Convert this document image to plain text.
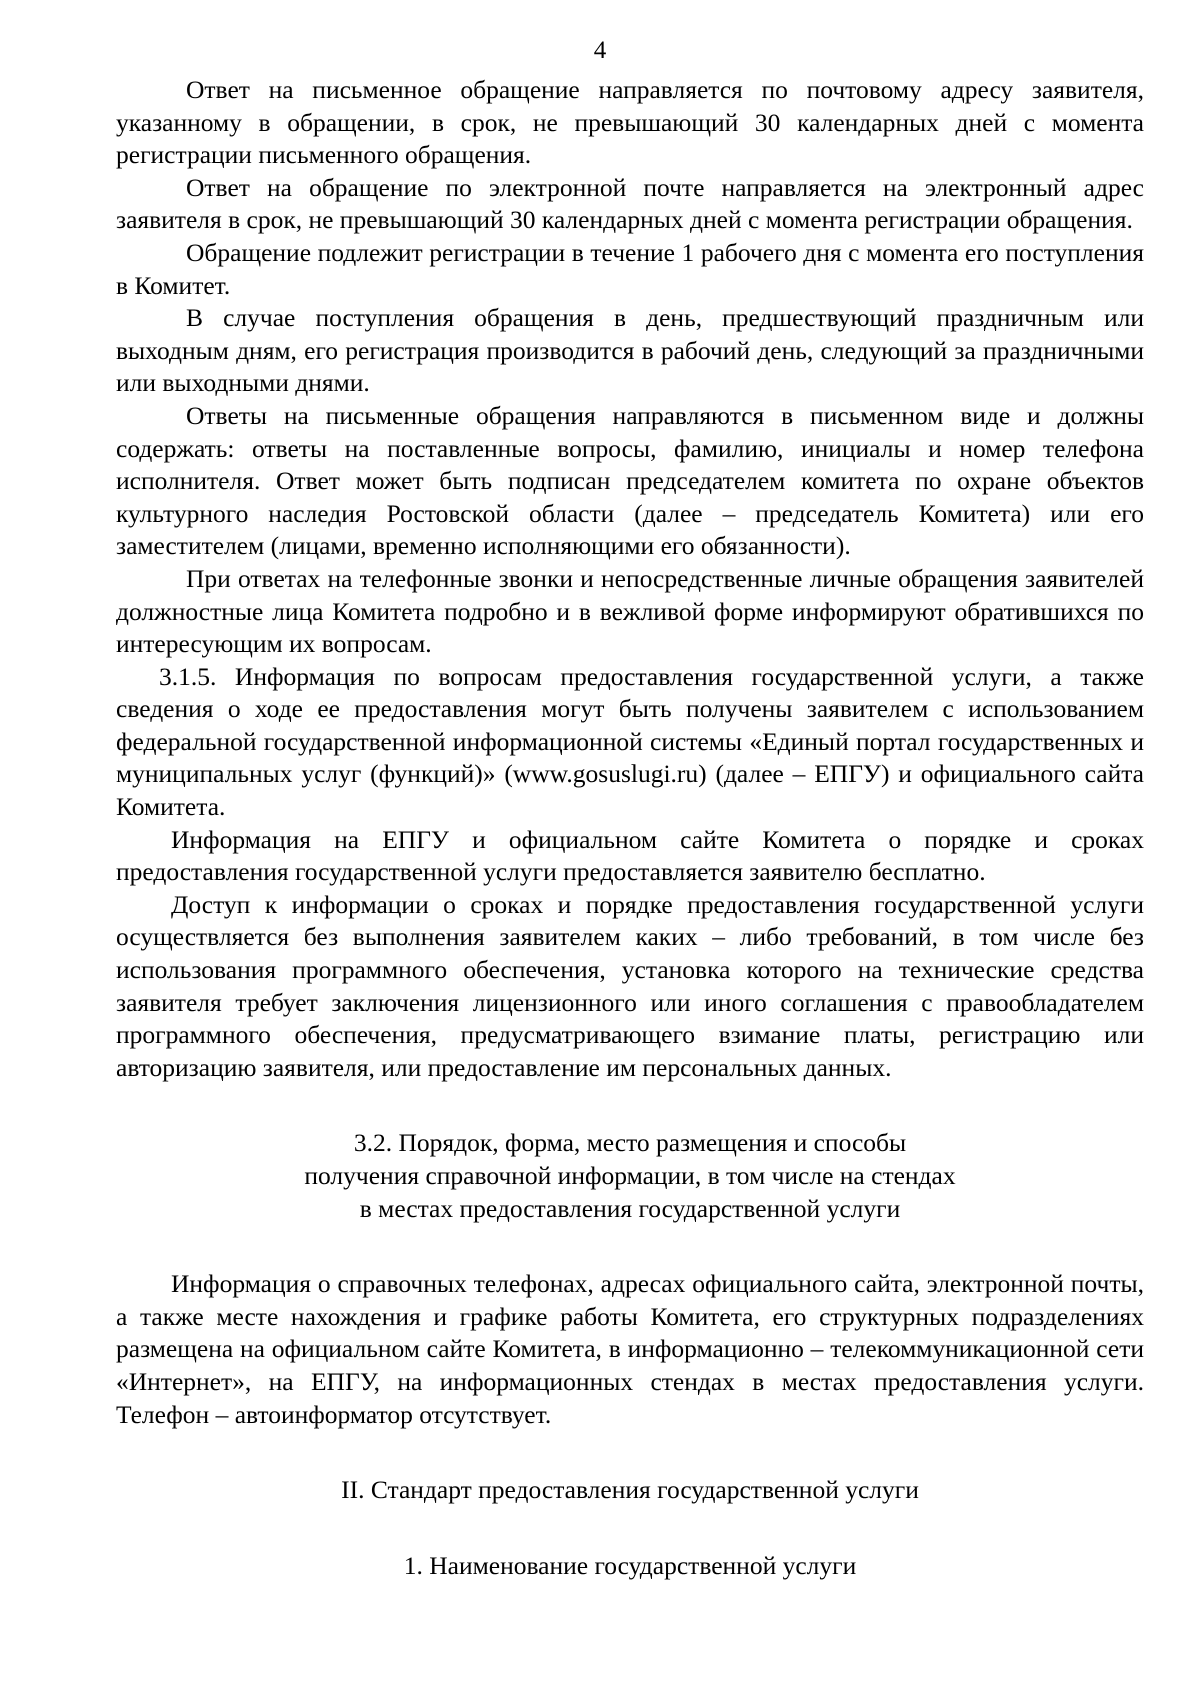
4

Ответ на письменное обращение направляется по почтовому адресу заявителя, указанному в обращении, в срок, не превышающий 30 календарных дней с момента регистрации письменного обращения.

Ответ на обращение по электронной почте направляется на электронный адрес заявителя в срок, не превышающий 30 календарных дней с момента регистрации обращения.

Обращение подлежит регистрации в течение 1 рабочего дня с момента его поступления в Комитет.

В случае поступления обращения в день, предшествующий праздничным или выходным дням, его регистрация производится в рабочий день, следующий за праздничными или выходными днями.

Ответы на письменные обращения направляются в письменном виде и должны содержать: ответы на поставленные вопросы, фамилию, инициалы и номер телефона исполнителя. Ответ может быть подписан председателем комитета по охране объектов культурного наследия Ростовской области (далее – председатель Комитета) или его заместителем (лицами, временно исполняющими его обязанности).

При ответах на телефонные звонки и непосредственные личные обращения заявителей должностные лица Комитета подробно и в вежливой форме информируют обратившихся по интересующим их вопросам.

3.1.5. Информация по вопросам предоставления государственной услуги, а также сведения о ходе ее предоставления могут быть получены заявителем с использованием федеральной государственной информационной системы «Единый портал государственных и муниципальных услуг (функций)» (www.gosuslugi.ru) (далее – ЕПГУ) и официального сайта Комитета.

Информация на ЕПГУ и официальном сайте Комитета о порядке и сроках предоставления государственной услуги предоставляется заявителю бесплатно.

Доступ к информации о сроках и порядке предоставления государственной услуги осуществляется без выполнения заявителем каких – либо требований, в том числе без использования программного обеспечения, установка которого на технические средства заявителя требует заключения лицензионного или иного соглашения с правообладателем программного обеспечения, предусматривающего взимание платы, регистрацию или авторизацию заявителя, или предоставление им персональных данных.

3.2. Порядок, форма, место размещения и способы

получения справочной информации, в том числе на стендах

в местах предоставления государственной услуги

Информация о справочных телефонах, адресах официального сайта, электронной почты, а также месте нахождения и графике работы Комитета, его структурных подразделениях размещена на официальном сайте Комитета, в информационно – телекоммуникационной сети «Интернет», на ЕПГУ, на информационных стендах в местах предоставления услуги. Телефон – автоинформатор отсутствует.

II. Стандарт предоставления государственной услуги

1. Наименование государственной услуги
